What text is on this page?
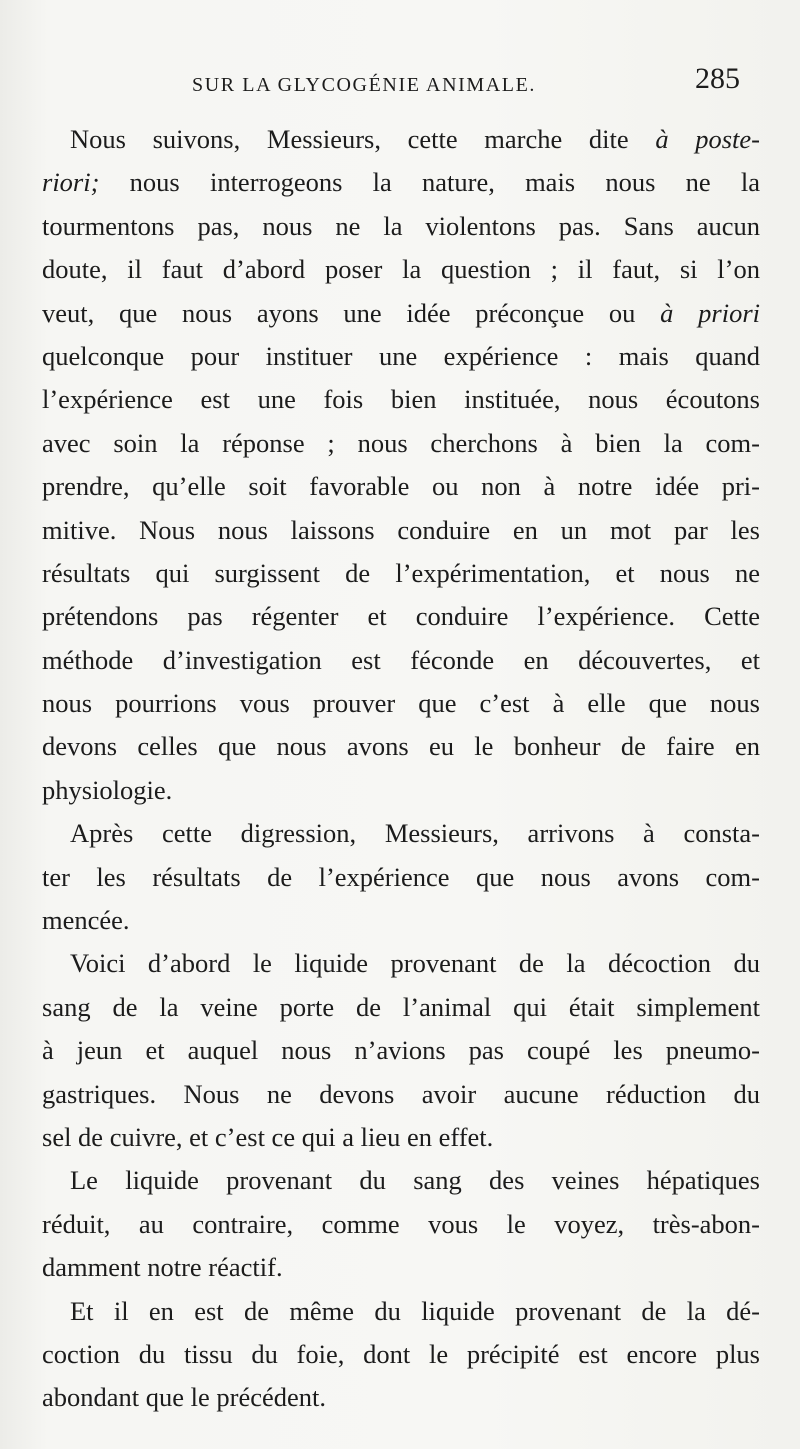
SUR LA GLYCOGÉNIE ANIMALE.	285
Nous suivons, Messieurs, cette marche dite à poste-
riori; nous interrogeons la nature, mais nous ne la
tourmentons pas, nous ne la violentons pas. Sans aucun
doute, il faut d’abord poser la question ; il faut, si l’on
veut, que nous ayons une idée préconçue ou à priori
quelconque pour instituer une expérience : mais quand
l’expérience est une fois bien instituée, nous écoutons
avec soin la réponse ; nous cherchons à bien la com-
prendre, qu’elle soit favorable ou non à notre idée pri-
mitive. Nous nous laissons conduire en un mot par les
résultats qui surgissent de l’expérimentation, et nous ne
prétendons pas régenter et conduire l’expérience. Cette
méthode d’investigation est féconde en découvertes, et
nous pourrions vous prouver que c’est à elle que nous
devons celles que nous avons eu le bonheur de faire en
physiologie.
Après cette digression, Messieurs, arrivons à consta-
ter les résultats de l’expérience que nous avons com-
mencée.
Voici d’abord le liquide provenant de la décoction du
sang de la veine porte de l’animal qui était simplement
à jeun et auquel nous n’avions pas coupé les pneumo-
gastriques. Nous ne devons avoir aucune réduction du
sel de cuivre, et c’est ce qui a lieu en effet.
Le liquide provenant du sang des veines hépatiques
réduit, au contraire, comme vous le voyez, très-abon-
damment notre réactif.
Et il en est de même du liquide provenant de la dé-
coction du tissu du foie, dont le précipité est encore plus
abondant que le précédent.
